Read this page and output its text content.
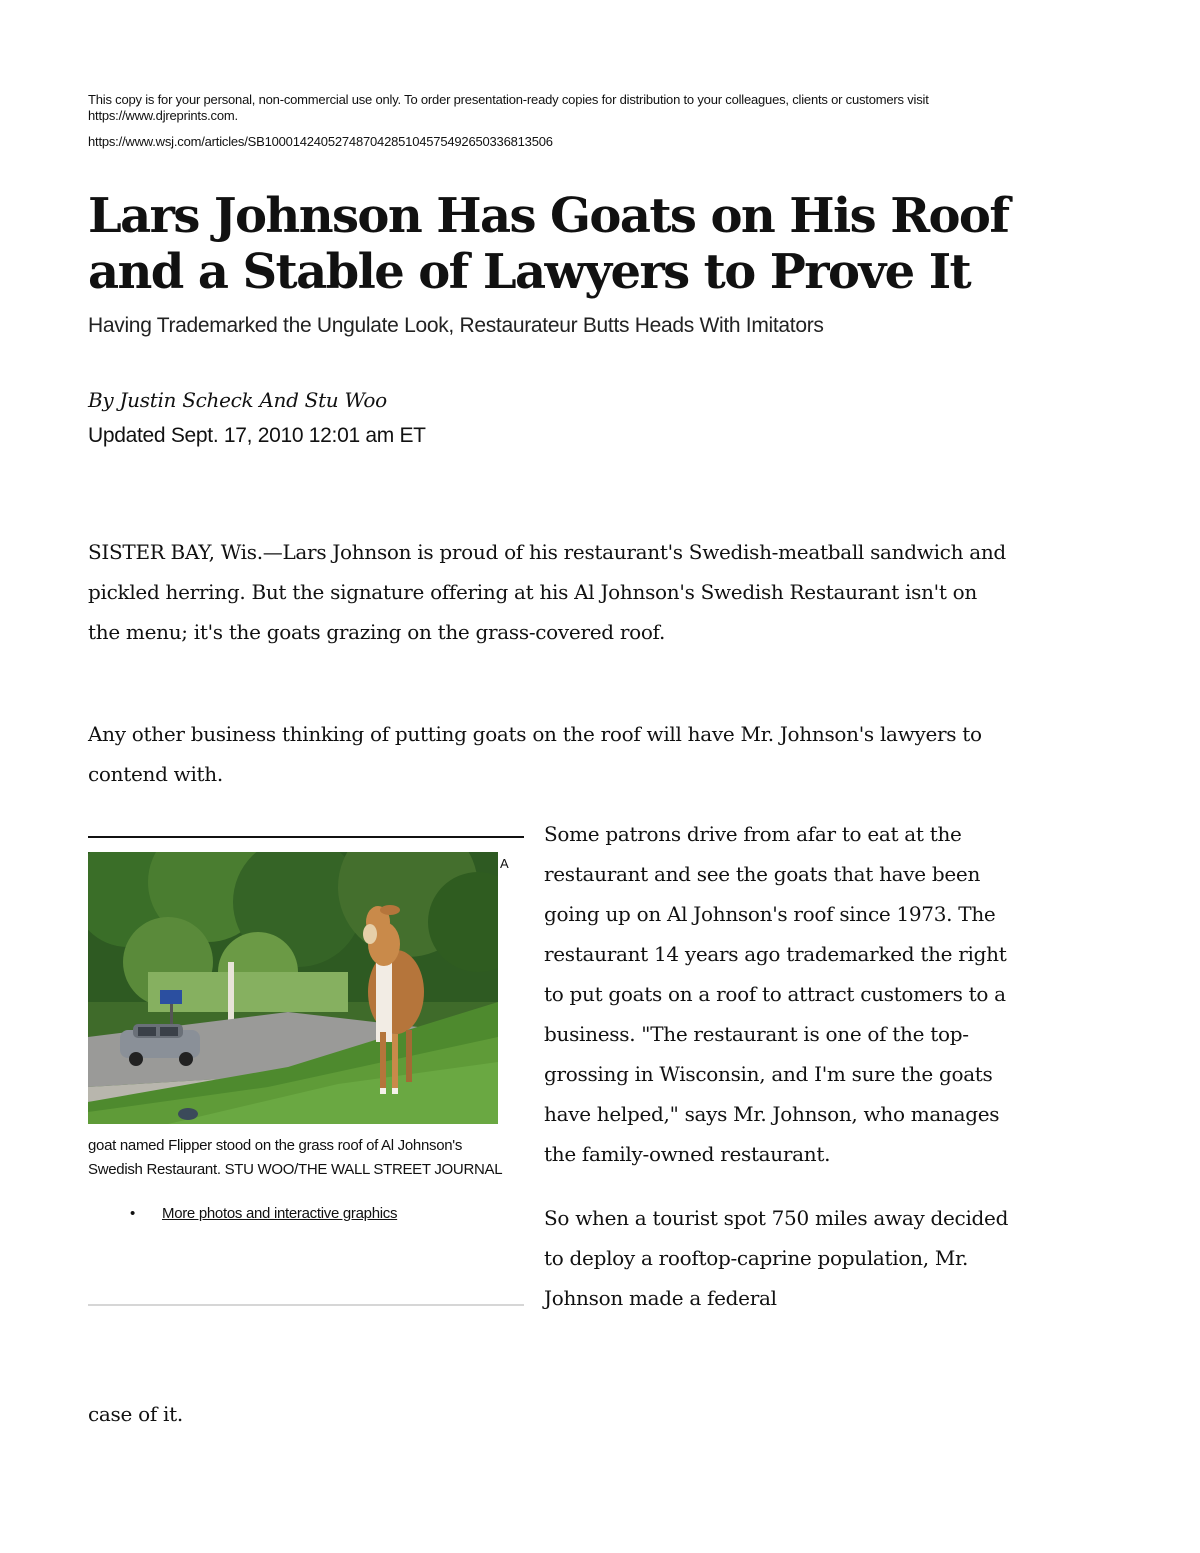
This copy is for your personal, non-commercial use only. To order presentation-ready copies for distribution to your colleagues, clients or customers visit https://www.djreprints.com.
https://www.wsj.com/articles/SB10001424052748704285104575492650336813506
Lars Johnson Has Goats on His Roof and a Stable of Lawyers to Prove It
Having Trademarked the Ungulate Look, Restaurateur Butts Heads With Imitators
By Justin Scheck And Stu Woo
Updated Sept. 17, 2010 12:01 am ET

SISTER BAY, Wis.—Lars Johnson is proud of his restaurant's Swedish-meatball sandwich and pickled herring. But the signature offering at his Al Johnson's Swedish Restaurant isn't on the menu; it's the goats grazing on the grass-covered roof.

Any other business thinking of putting goats on the roof will have Mr. Johnson's lawyers to contend with.

A
goat named Flipper stood on the grass roof of Al Johnson's Swedish Restaurant. STU WOO/THE WALL STREET JOURNAL
• More photos and interactive graphics

Some patrons drive from afar to eat at the restaurant and see the goats that have been going up on Al Johnson's roof since 1973. The restaurant 14 years ago trademarked the right to put goats on a roof to attract customers to a business. "The restaurant is one of the top-grossing in Wisconsin, and I'm sure the goats have helped," says Mr. Johnson, who manages the family-owned restaurant.

So when a tourist spot 750 miles away decided to deploy a rooftop-caprine population, Mr. Johnson made a federal

case of it.
